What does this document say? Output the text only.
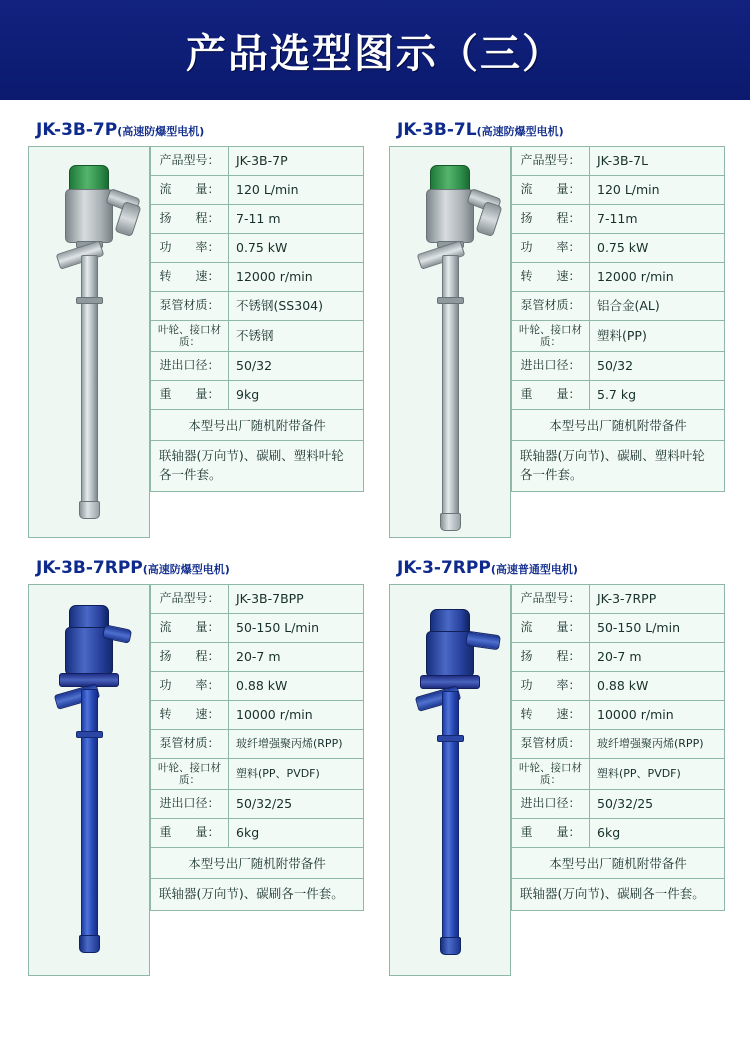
产品选型图示（三）
JK-3B-7P(高速防爆型电机)
产品型号：	JK-3B-7P
流　　量：	120 L/min
扬　　程：	7-11 m
功　　率：	0.75 kW
转　　速：	12000 r/min
泵管材质：	不锈钢(SS304)
叶轮、接口材质：	不锈钢
进出口径：	50/32
重　　量：	9kg
本型号出厂随机附带备件
联轴器(万向节)、碳刷、塑料叶轮各一件套。
JK-3B-7L(高速防爆型电机)
产品型号：	JK-3B-7L
流　　量：	120 L/min
扬　　程：	7-11m
功　　率：	0.75 kW
转　　速：	12000 r/min
泵管材质：	铝合金(AL)
叶轮、接口材质：	塑料(PP)
进出口径：	50/32
重　　量：	5.7 kg
本型号出厂随机附带备件
联轴器(万向节)、碳刷、塑料叶轮各一件套。
JK-3B-7RPP(高速防爆型电机)
产品型号：	JK-3B-7BPP
流　　量：	50-150 L/min
扬　　程：	20-7 m
功　　率：	0.88 kW
转　　速：	10000 r/min
泵管材质：	玻纤增强聚丙烯(RPP)
叶轮、接口材质：
塑料(PP、PVDF)
进出口径：	50/32/25
重　　量：	6kg
本型号出厂随机附带备件
联轴器(万向节)、碳刷各一件套。
JK-3-7RPP(高速普通型电机)
产品型号：	JK-3-7RPP
流　　量：	50-150 L/min
扬　　程：	20-7 m
功　　率：	0.88 kW
转　　速：	10000 r/min
泵管材质：	玻纤增强聚丙烯(RPP)
叶轮、接口材质：
塑料(PP、PVDF)
进出口径：	50/32/25
重　　量：	6kg
本型号出厂随机附带备件
联轴器(万向节)、碳刷各一件套。
